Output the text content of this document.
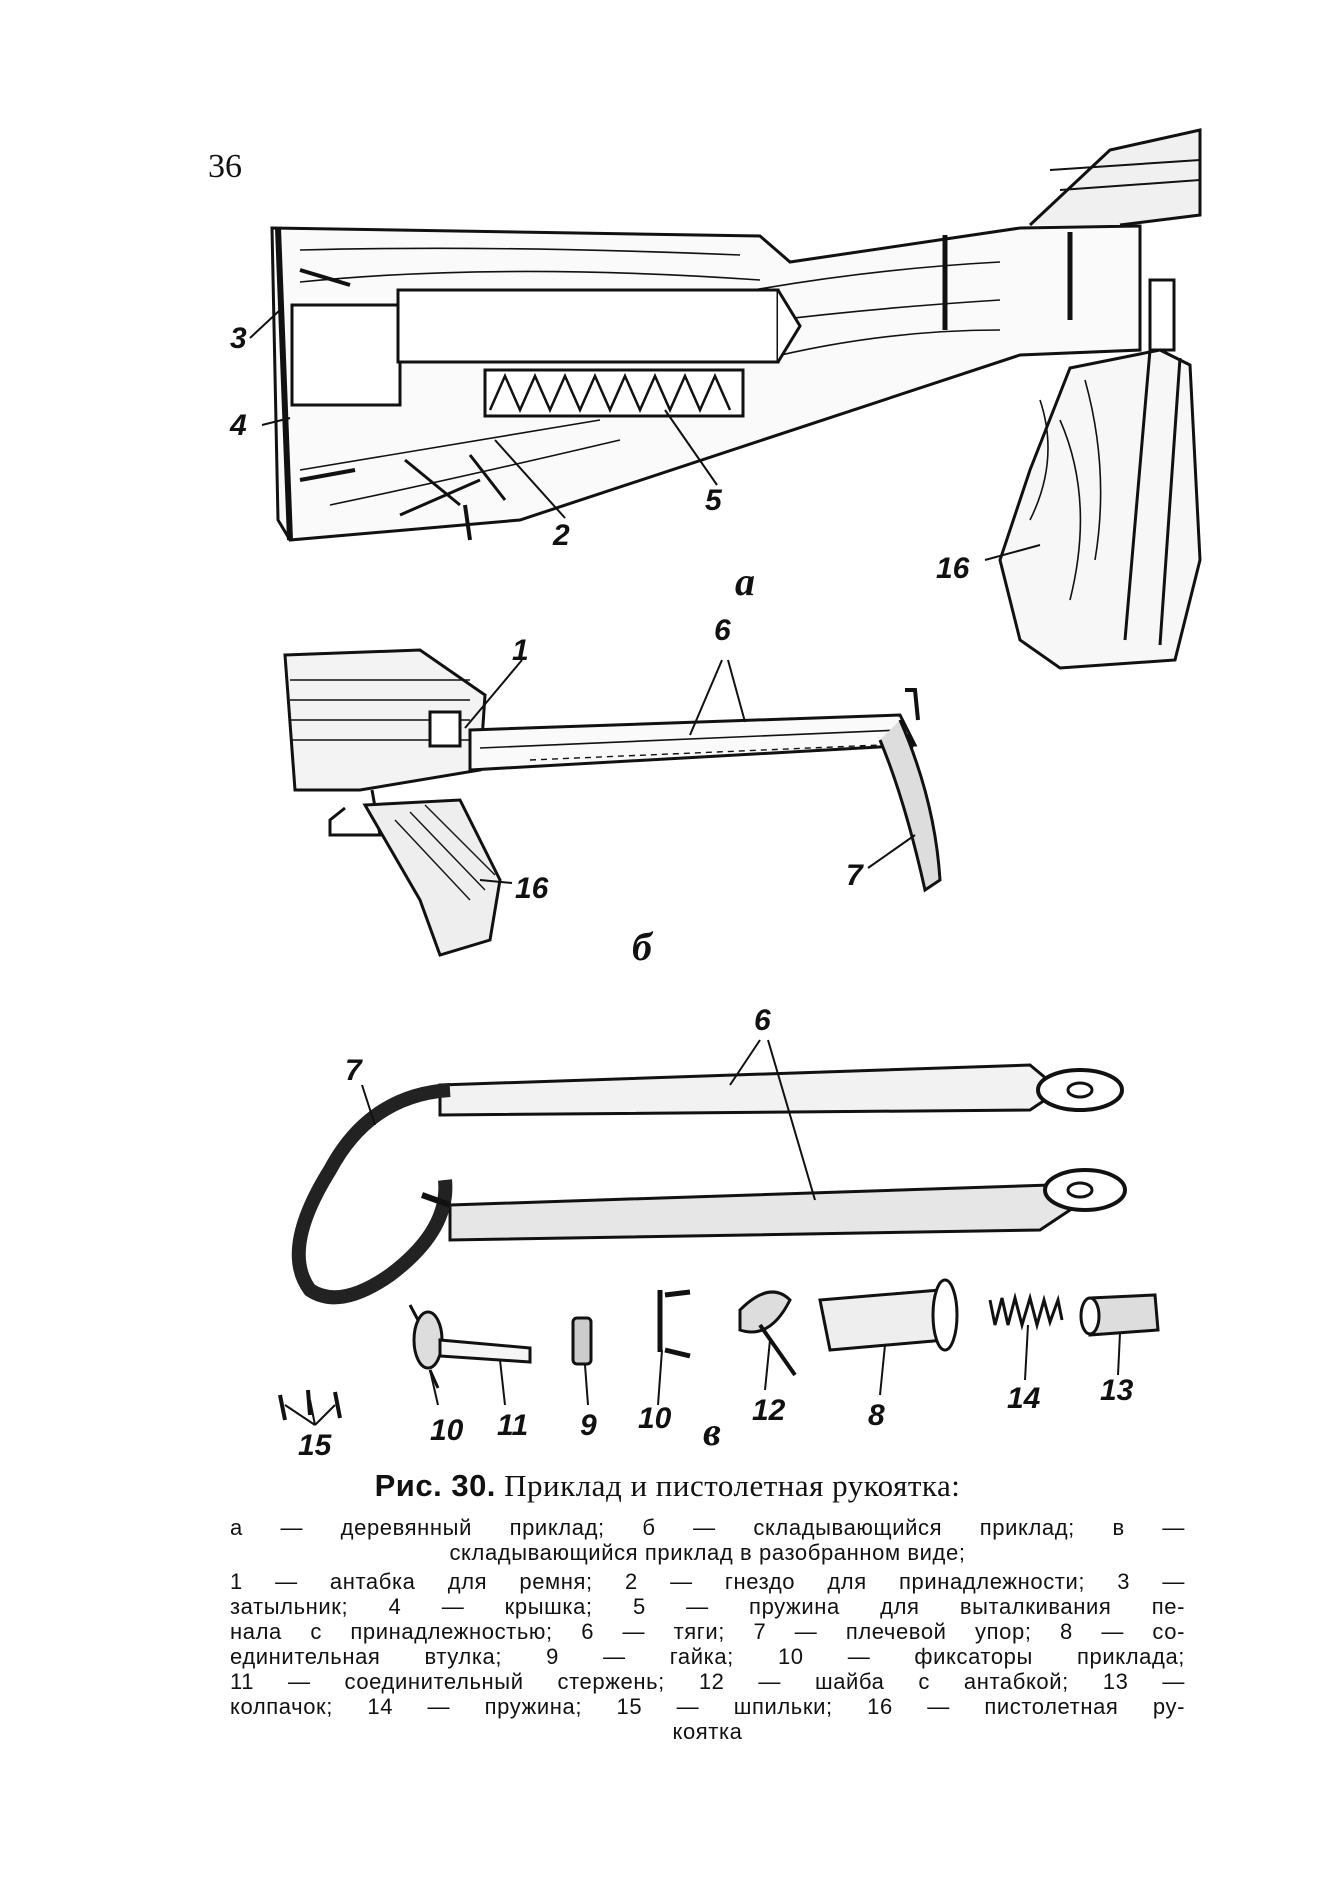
36
3
4
2
5
16
а
1
6
16	7
б
7
6
15	10 11 9 10	12	8
14 13
в
Рис. 30. Приклад и пистолетная рукоятка:
а — деревянный приклад; б — складывающийся приклад; в —
складывающийся приклад в разобранном виде;
1 — антабка для ремня; 2 — гнездо для принадлежности; 3 —
затыльник; 4 — крышка; 5 — пружина для выталкивания пе-
нала с принадлежностью; 6 — тяги; 7 — плечевой упор; 8 — со-
единительная втулка; 9 — гайка; 10 — фиксаторы приклада;
11 — соединительный стержень; 12 — шайба с антабкой; 13 —
колпачок; 14 — пружина; 15 — шпильки; 16 — пистолетная ру-
коятка
